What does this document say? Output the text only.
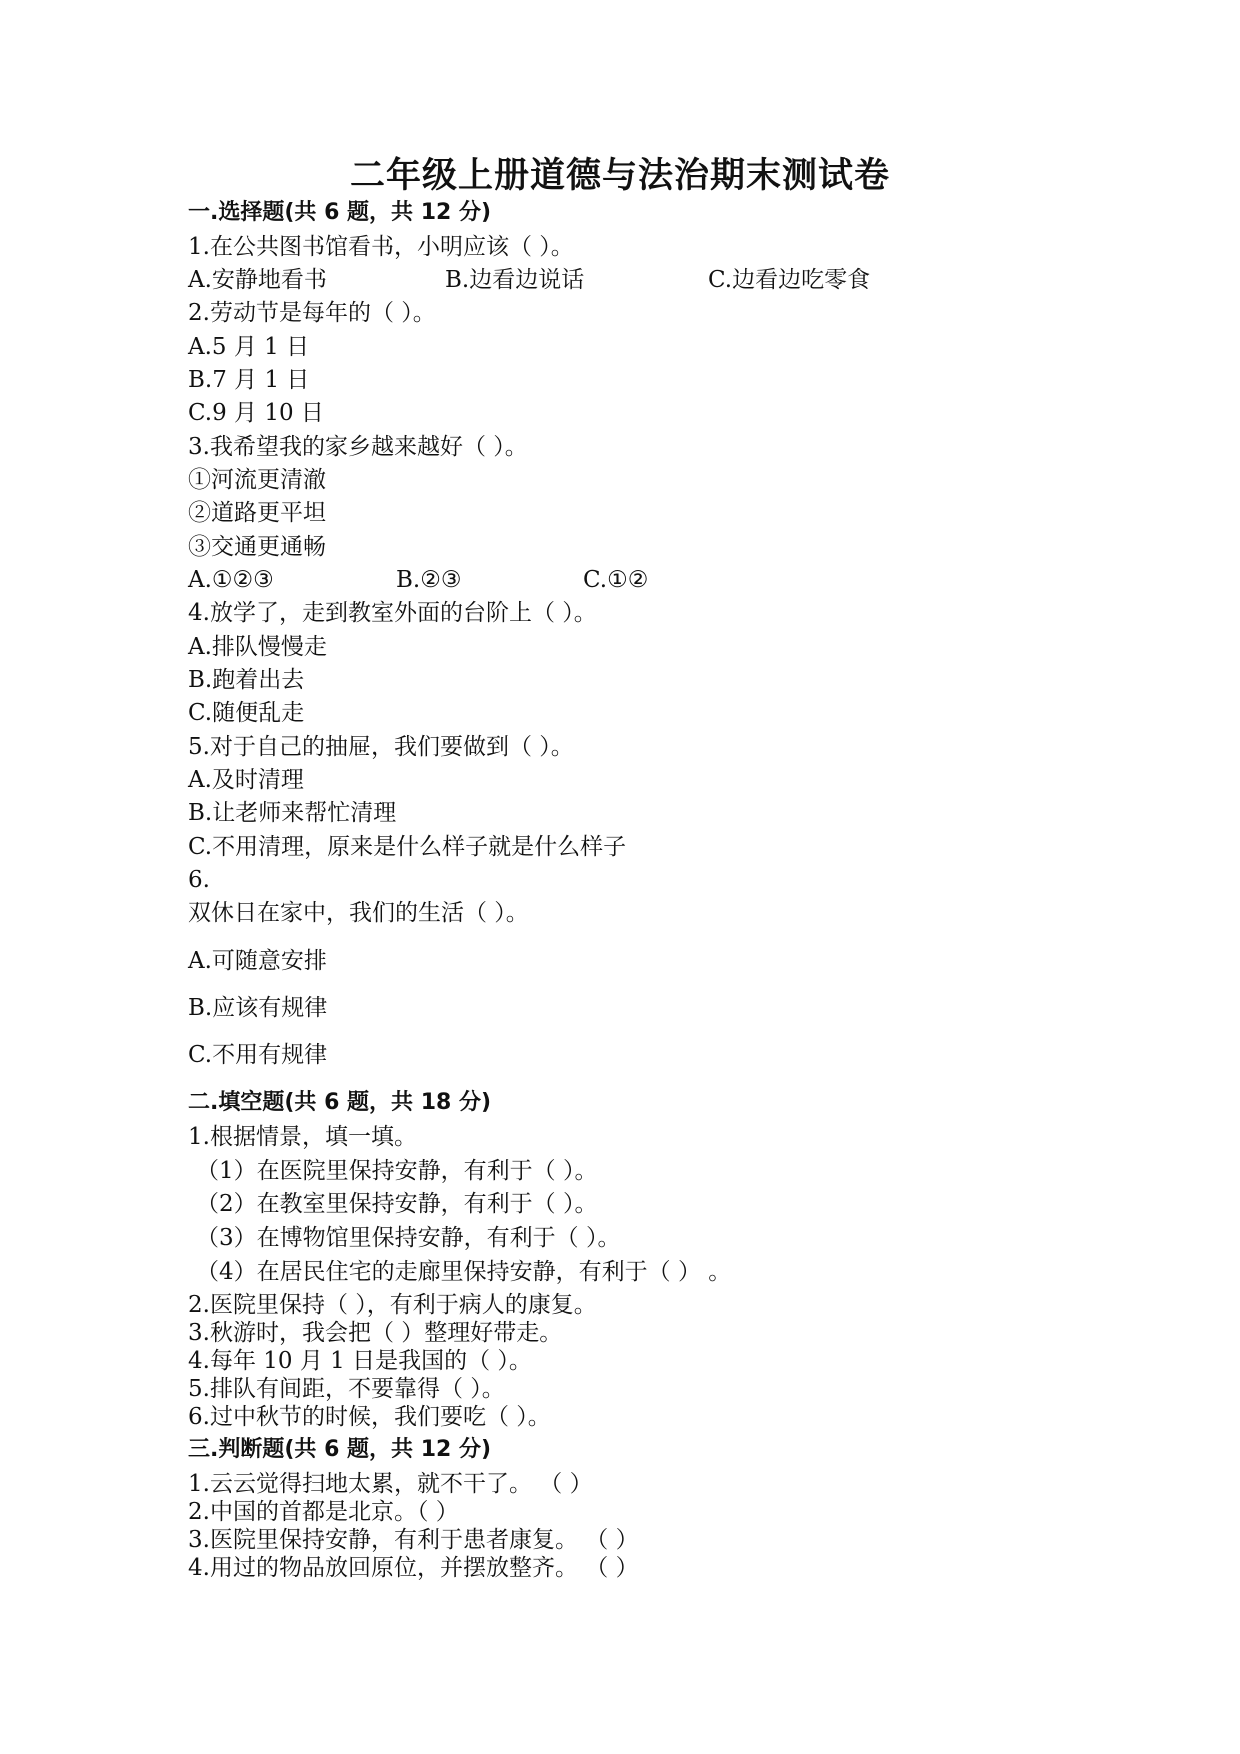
二年级上册道德与法治期末测试卷
一.选择题(共 6 题，共 12 分)
1.在公共图书馆看书，小明应该（ ）。
A.安静地看书	B.边看边说话	C.边看边吃零食
2.劳动节是每年的（ ）。
A.5 月 1 日
B.7 月 1 日
C.9 月 10 日
3.我希望我的家乡越来越好（ ）。
①河流更清澈
②道路更平坦
③交通更通畅
A.①②③	B.②③	C.①②
4.放学了，走到教室外面的台阶上（ ）。
A.排队慢慢走
B.跑着出去
C.随便乱走
5.对于自己的抽屉，我们要做到（ ）。
A.及时清理
B.让老师来帮忙清理
C.不用清理，原来是什么样子就是什么样子
6.
双休日在家中，我们的生活（ ）。
A.可随意安排
B.应该有规律
C.不用有规律
二.填空题(共 6 题，共 18 分)
1.根据情景，填一填。
（1）在医院里保持安静，有利于（ ）。
（2）在教室里保持安静，有利于（ ）。
（3）在博物馆里保持安静，有利于（ ）。
（4）在居民住宅的走廊里保持安静，有利于（ ） 。
2.医院里保持（ ），有利于病人的康复。
3.秋游时，我会把（ ）整理好带走。
4.每年 10 月 1 日是我国的（ ）。
5.排队有间距，不要靠得（ ）。
6.过中秋节的时候，我们要吃（ ）。
三.判断题(共 6 题，共 12 分)
1.云云觉得扫地太累，就不干了。 （ ）
2.中国的首都是北京。（ ）
3.医院里保持安静，有利于患者康复。 （ ）
4.用过的物品放回原位，并摆放整齐。 （ ）
